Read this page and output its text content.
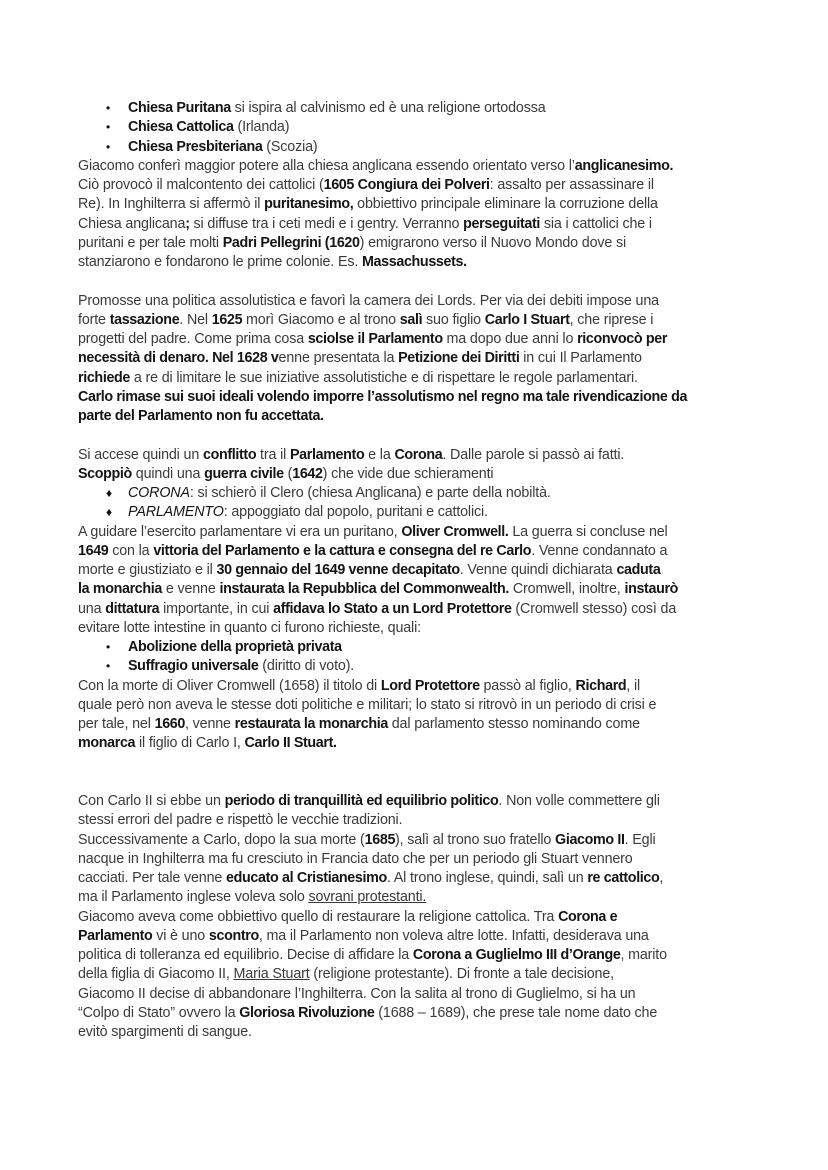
• Chiesa Puritana si ispira al calvinismo ed è una religione ortodossa
• Chiesa Cattolica (Irlanda)
• Chiesa Presbiteriana (Scozia)
Giacomo conferì maggior potere alla chiesa anglicana essendo orientato verso l’anglicanesimo.
Ciò provocò il malcontento dei cattolici (1605 Congiura dei Polveri: assalto per assassinare il
Re). In Inghilterra si affermò il puritanesimo, obbiettivo principale eliminare la corruzione della
Chiesa anglicana; si diffuse tra i ceti medi e i gentry. Verranno perseguitati sia i cattolici che i
puritani e per tale molti Padri Pellegrini (1620) emigrarono verso il Nuovo Mondo dove si
stanziarono e fondarono le prime colonie. Es. Massachussets.
Promosse una politica assolutistica e favorì la camera dei Lords. Per via dei debiti impose una
forte tassazione. Nel 1625 morì Giacomo e al trono salì suo figlio Carlo I Stuart, che riprese i
progetti del padre. Come prima cosa sciolse il Parlamento ma dopo due anni lo riconvocò per
necessità di denaro. Nel 1628 venne presentata la Petizione dei Diritti in cui Il Parlamento
richiede a re di limitare le sue iniziative assolutistiche e di rispettare le regole parlamentari.
Carlo rimase sui suoi ideali volendo imporre l’assolutismo nel regno ma tale rivendicazione da
parte del Parlamento non fu accettata.
Si accese quindi un conflitto tra il Parlamento e la Corona. Dalle parole si passò ai fatti.
Scoppiò quindi una guerra civile (1642) che vide due schieramenti
♦ CORONA: si schierò il Clero (chiesa Anglicana) e parte della nobiltà.
♦ PARLAMENTO: appoggiato dal popolo, puritani e cattolici.
A guidare l’esercito parlamentare vi era un puritano, Oliver Cromwell. La guerra si concluse nel
1649 con la vittoria del Parlamento e la cattura e consegna del re Carlo. Venne condannato a
morte e giustiziato e il 30 gennaio del 1649 venne decapitato. Venne quindi dichiarata caduta
la monarchia e venne instaurata la Repubblica del Commonwealth. Cromwell, inoltre, instaurò
una dittatura importante, in cui affidava lo Stato a un Lord Protettore (Cromwell stesso) così da
evitare lotte intestine in quanto ci furono richieste, quali:
• Abolizione della proprietà privata
• Suffragio universale (diritto di voto).
Con la morte di Oliver Cromwell (1658) il titolo di Lord Protettore passò al figlio, Richard, il
quale però non aveva le stesse doti politiche e militari; lo stato si ritrovò in un periodo di crisi e
per tale, nel 1660, venne restaurata la monarchia dal parlamento stesso nominando come
monarca il figlio di Carlo I, Carlo II Stuart.
Con Carlo II si ebbe un periodo di tranquillità ed equilibrio politico. Non volle commettere gli
stessi errori del padre e rispettò le vecchie tradizioni.
Successivamente a Carlo, dopo la sua morte (1685), salì al trono suo fratello Giacomo II. Egli
nacque in Inghilterra ma fu cresciuto in Francia dato che per un periodo gli Stuart vennero
cacciati. Per tale venne educato al Cristianesimo. Al trono inglese, quindi, salì un re cattolico,
ma il Parlamento inglese voleva solo sovrani protestanti.
Giacomo aveva come obbiettivo quello di restaurare la religione cattolica. Tra Corona e
Parlamento vi è uno scontro, ma il Parlamento non voleva altre lotte. Infatti, desiderava una
politica di tolleranza ed equilibrio. Decise di affidare la Corona a Guglielmo III d’Orange, marito
della figlia di Giacomo II, Maria Stuart (religione protestante). Di fronte a tale decisione,
Giacomo II decise di abbandonare l’Inghilterra. Con la salita al trono di Guglielmo, si ha un
“Colpo di Stato” ovvero la Gloriosa Rivoluzione (1688 – 1689), che prese tale nome dato che
evitò spargimenti di sangue.
